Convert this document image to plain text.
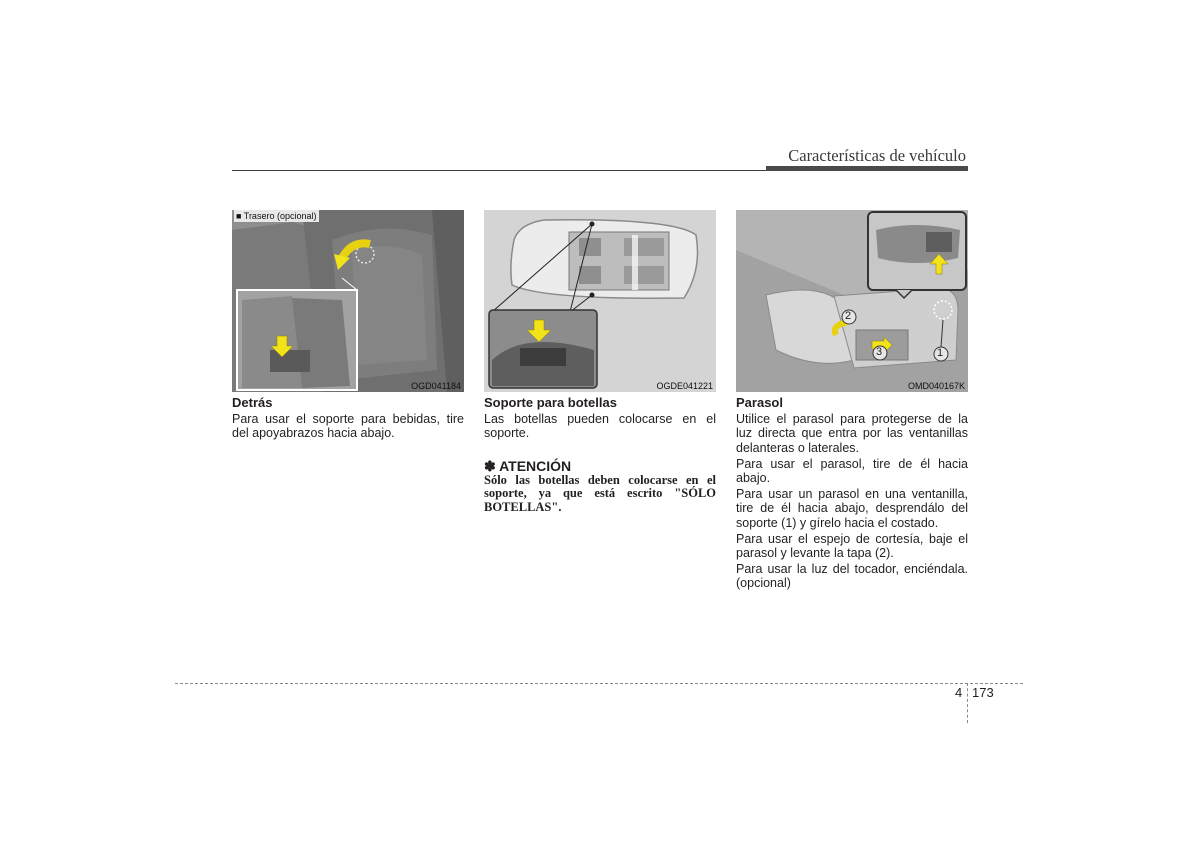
Características de vehículo
■ Trasero (opcional)
OGD041184	OGDE041221
2
3	1
OMD040167K
Detrás

Para usar el soporte para bebidas, tire del apoyabrazos hacia abajo.

Soporte para botellas

Las botellas pueden colocarse en el soporte.

✽ ATENCIÓN
Sólo las botellas deben colocarse en el soporte, ya que está escrito "SÓLO BOTELLAS".
Parasol

Utilice el parasol para protegerse de la luz directa que entra por las ventanillas delanteras o laterales.

Para usar el parasol, tire de él hacia abajo.

Para usar un parasol en una ventanilla, tire de él hacia abajo, desprendálo del soporte (1) y gírelo hacia el costado.

Para usar el espejo de cortesía, baje el parasol y levante la tapa (2).

Para usar la luz del tocador, enciéndala. (opcional)

4 173
